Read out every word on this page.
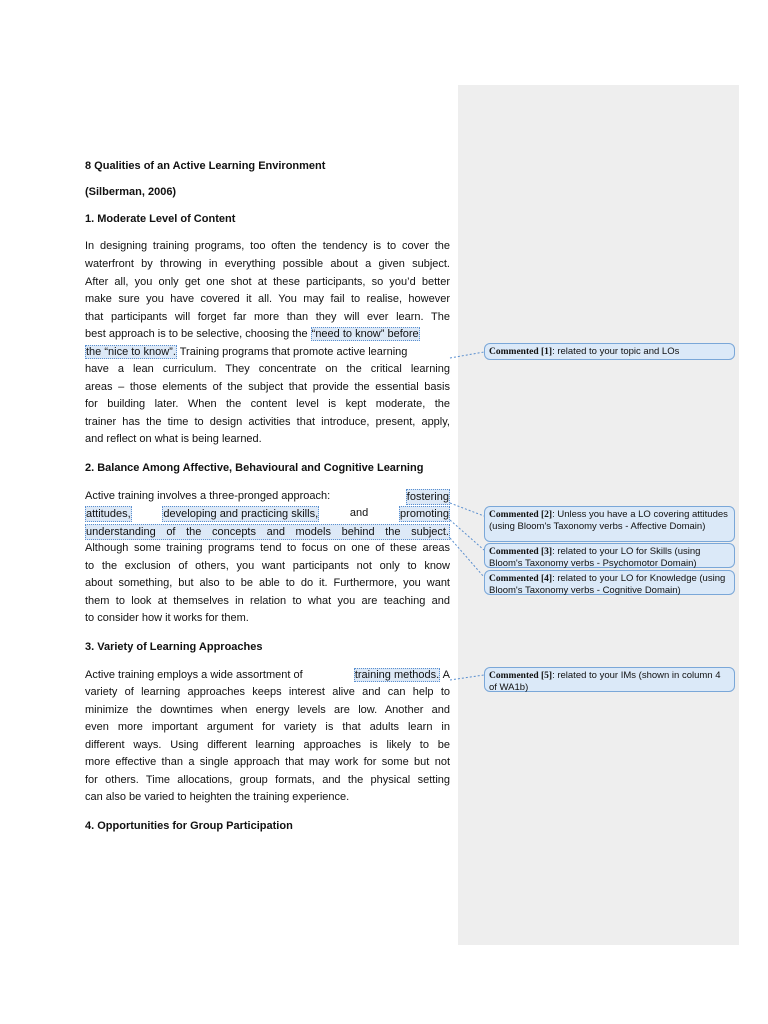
8 Qualities of an Active Learning Environment
(Silberman, 2006)
1. Moderate Level of Content
In designing training programs, too often the tendency is to cover the
waterfront by throwing in everything possible about a given subject.
After all, you only get one shot at these participants, so you’d better
make sure you have covered it all. You may fail to realise, however
that participants will forget far more than they will ever learn. The
best approach is to be selective, choosing the “need to know” before
the “nice to know”. Training programs that promote active learning
have a lean curriculum. They concentrate on the critical learning
areas – those elements of the subject that provide the essential basis
for building later. When the content level is kept moderate, the
trainer has the time to design activities that introduce, present, apply,
and reflect on what is being learned.
2. Balance Among Affective, Behavioural and Cognitive Learning
Active training involves a three-pronged approach:	fostering
attitudes,	developing and practicing skills,	and	promoting
understanding of the concepts and models behind the subject.
Although some training programs tend to focus on one of these areas
to the exclusion of others, you want participants not only to know
about something, but also to be able to do it. Furthermore, you want
them to look at themselves in relation to what you are teaching and
to consider how it works for them.
3. Variety of Learning Approaches
Active training employs a wide assortment of	training methods. A
variety of learning approaches keeps interest alive and can help to
minimize the downtimes when energy levels are low. Another and
even more important argument for variety is that adults learn in
different ways. Using different learning approaches is likely to be
more effective than a single approach that may work for some but not
for others. Time allocations, group formats, and the physical setting
can also be varied to heighten the training experience.
4. Opportunities for Group Participation
Commented [1]: related to your topic and LOs
Commented [2]: Unless you have a LO covering attitudes (using Bloom's Taxonomy verbs - Affective Domain)
Commented [3]: related to your LO for Skills (using Bloom's Taxonomy verbs - Psychomotor Domain)
Commented [4]: related to your LO for Knowledge (using Bloom's Taxonomy verbs - Cognitive Domain)
Commented [5]: related to your IMs (shown in column 4 of WA1b)
